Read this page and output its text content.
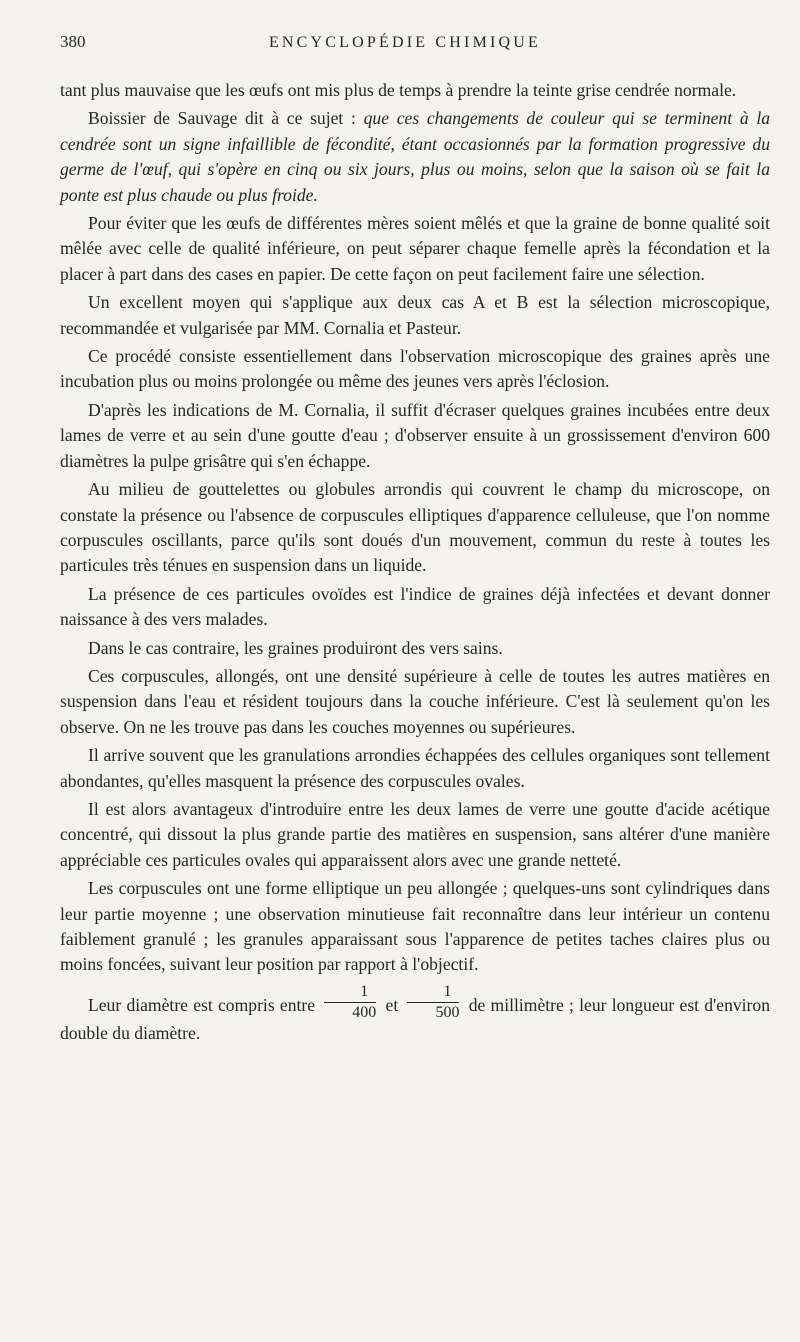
380	ENCYCLOPÉDIE CHIMIQUE

tant plus mauvaise que les œufs ont mis plus de temps à prendre la teinte grise cendrée normale.

Boissier de Sauvage dit à ce sujet : que ces changements de couleur qui se terminent à la cendrée sont un signe infaillible de fécondité, étant occasionnés par la formation progressive du germe de l'œuf, qui s'opère en cinq ou six jours, plus ou moins, selon que la saison où se fait la ponte est plus chaude ou plus froide.

Pour éviter que les œufs de différentes mères soient mêlés et que la graine de bonne qualité soit mêlée avec celle de qualité inférieure, on peut séparer chaque femelle après la fécondation et la placer à part dans des cases en papier. De cette façon on peut facilement faire une sélection.

Un excellent moyen qui s'applique aux deux cas A et B est la sélection microscopique, recommandée et vulgarisée par MM. Cornalia et Pasteur.

Ce procédé consiste essentiellement dans l'observation microscopique des graines après une incubation plus ou moins prolongée ou même des jeunes vers après l'éclosion.

D'après les indications de M. Cornalia, il suffit d'écraser quelques graines incubées entre deux lames de verre et au sein d'une goutte d'eau ; d'observer ensuite à un grossissement d'environ 600 diamètres la pulpe grisâtre qui s'en échappe.

Au milieu de gouttelettes ou globules arrondis qui couvrent le champ du microscope, on constate la présence ou l'absence de corpuscules elliptiques d'apparence celluleuse, que l'on nomme corpuscules oscillants, parce qu'ils sont doués d'un mouvement, commun du reste à toutes les particules très ténues en suspension dans un liquide.

La présence de ces particules ovoïdes est l'indice de graines déjà infectées et devant donner naissance à des vers malades.

Dans le cas contraire, les graines produiront des vers sains.

Ces corpuscules, allongés, ont une densité supérieure à celle de toutes les autres matières en suspension dans l'eau et résident toujours dans la couche inférieure. C'est là seulement qu'on les observe. On ne les trouve pas dans les couches moyennes ou supérieures.

Il arrive souvent que les granulations arrondies échappées des cellules organiques sont tellement abondantes, qu'elles masquent la présence des corpuscules ovales.

Il est alors avantageux d'introduire entre les deux lames de verre une goutte d'acide acétique concentré, qui dissout la plus grande partie des matières en suspension, sans altérer d'une manière appréciable ces particules ovales qui apparaissent alors avec une grande netteté.

Les corpuscules ont une forme elliptique un peu allongée ; quelques-uns sont cylindriques dans leur partie moyenne ; une observation minutieuse fait reconnaître dans leur intérieur un contenu faiblement granulé ; les granules apparaissant sous l'apparence de petites taches claires plus ou moins foncées, suivant leur position par rapport à l'objectif.

Leur diamètre est compris entre $\frac{1}{400}$ et $\frac{1}{500}$ de millimètre ; leur longueur est d'environ double du diamètre.
